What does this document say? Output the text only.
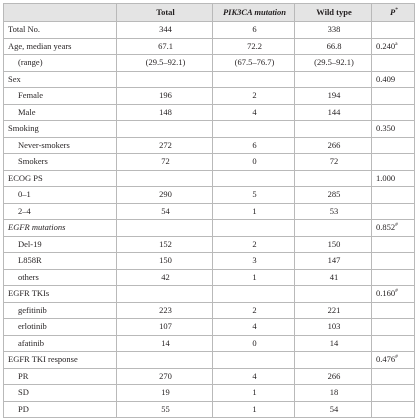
	Total	PIK3CA mutation	Wild type	P*
Total No.	344	6	338	
Age, median years	67.1	72.2	66.8	0.240$^a$
(range)	(29.5–92.1)	(67.5–76.7)	(29.5–92.1)	
Sex				0.409
Female	196	2	194	
Male	148	4	144	
Smoking				0.350
Never-smokers	272	6	266	
Smokers	72	0	72	
ECOG PS				1.000
0–1	290	5	285	
2–4	54	1	53	
EGFR mutations				0.852#
Del-19	152	2	150	
L858R	150	3	147	
others	42	1	41	
EGFR TKIs				0.160#
gefitinib	223	2	221	
erlotinib	107	4	103	
afatinib	14	0	14	
EGFR TKI response				0.476#
PR	270	4	266	
SD	19	1	18	
PD	55	1	54	
